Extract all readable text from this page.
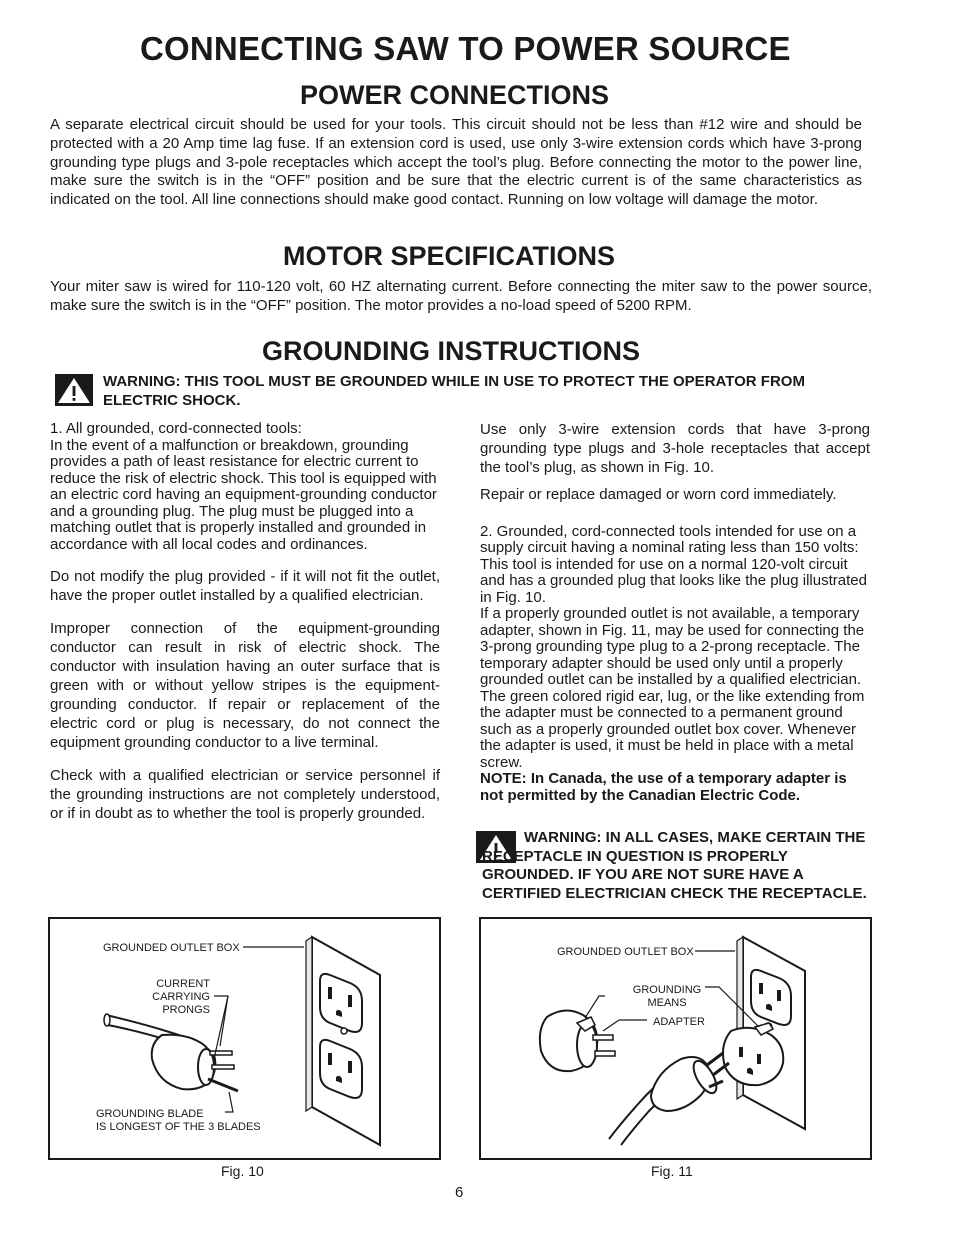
CONNECTING SAW TO POWER SOURCE
POWER CONNECTIONS

A separate electrical circuit should be used for your tools. This circuit should not be less than #12 wire and should be protected with a 20 Amp time lag fuse. If an extension cord is used, use only 3-wire extension cords which have 3-prong grounding type plugs and 3-pole receptacles which accept the tool’s plug. Before connecting the motor to the power line, make sure the switch is in the “OFF” position and be sure that the electric current is of the same characteristics as indicated on the tool. All line connections should make good contact. Running on low voltage will damage the motor.

MOTOR SPECIFICATIONS

Your miter saw is wired for 110-120 volt, 60 HZ alternating current. Before connecting the miter saw to the power source, make sure the switch is in the “OFF” position. The motor provides a no-load speed of 5200 RPM.

GROUNDING INSTRUCTIONS
WARNING: THIS TOOL MUST BE GROUNDED WHILE IN USE TO PROTECT THE OPERATOR FROM ELECTRIC SHOCK.

1. All grounded, cord-connected tools:

In the event of a malfunction or breakdown, grounding provides a path of least resistance for electric current to reduce the risk of electric shock. This tool is equipped with an electric cord having an equipment-grounding conductor and a grounding plug. The plug must be plugged into a matching outlet that is properly installed and grounded in accordance with all local codes and ordinances.

Do not modify the plug provided - if it will not fit the outlet, have the proper outlet installed by a qualified electrician.

Improper connection of the equipment-grounding conductor can result in risk of electric shock. The conductor with insulation having an outer surface that is green with or without yellow stripes is the equipment-grounding conductor. If repair or replacement of the electric cord or plug is necessary, do not connect the equipment grounding conductor to a live terminal.

Check with a qualified electrician or service personnel if the grounding instructions are not completely understood, or if in doubt as to whether the tool is properly grounded.

Use only 3-wire extension cords that have 3-prong grounding type plugs and 3-hole receptacles that accept the tool’s plug, as shown in Fig. 10.

Repair or replace damaged or worn cord immediately.

2. Grounded, cord-connected tools intended for use on a supply circuit having a nominal rating less than 150 volts:

This tool is intended for use on a normal 120-volt circuit and has a grounded plug that looks like the plug illustrated in Fig. 10.

If a properly grounded outlet is not available, a temporary adapter, shown in Fig. 11, may be used for connecting the 3-prong grounding type plug to a 2-prong receptacle. The temporary adapter should be used only until a properly grounded outlet can be installed by a qualified electrician. The green colored rigid ear, lug, or the like extending from the adapter must be connected to a permanent ground such as a properly grounded outlet box cover. Whenever the adapter is used, it must be held in place with a metal screw.

NOTE: In Canada, the use of a temporary adapter is not permitted by the Canadian Electric Code.

WARNING: IN ALL CASES, MAKE CERTAIN THE RECEPTACLE IN QUESTION IS PROPERLY GROUNDED. IF YOU ARE NOT SURE HAVE A CERTIFIED ELECTRICIAN CHECK THE RECEPTACLE.
GROUNDED OUTLET BOX
CURRENT
CARRYING
PRONGS
GROUNDING BLADE
IS LONGEST OF THE 3 BLADES
Fig. 10
GROUNDED OUTLET BOX
GROUNDING
MEANS
ADAPTER
Fig. 11
6
